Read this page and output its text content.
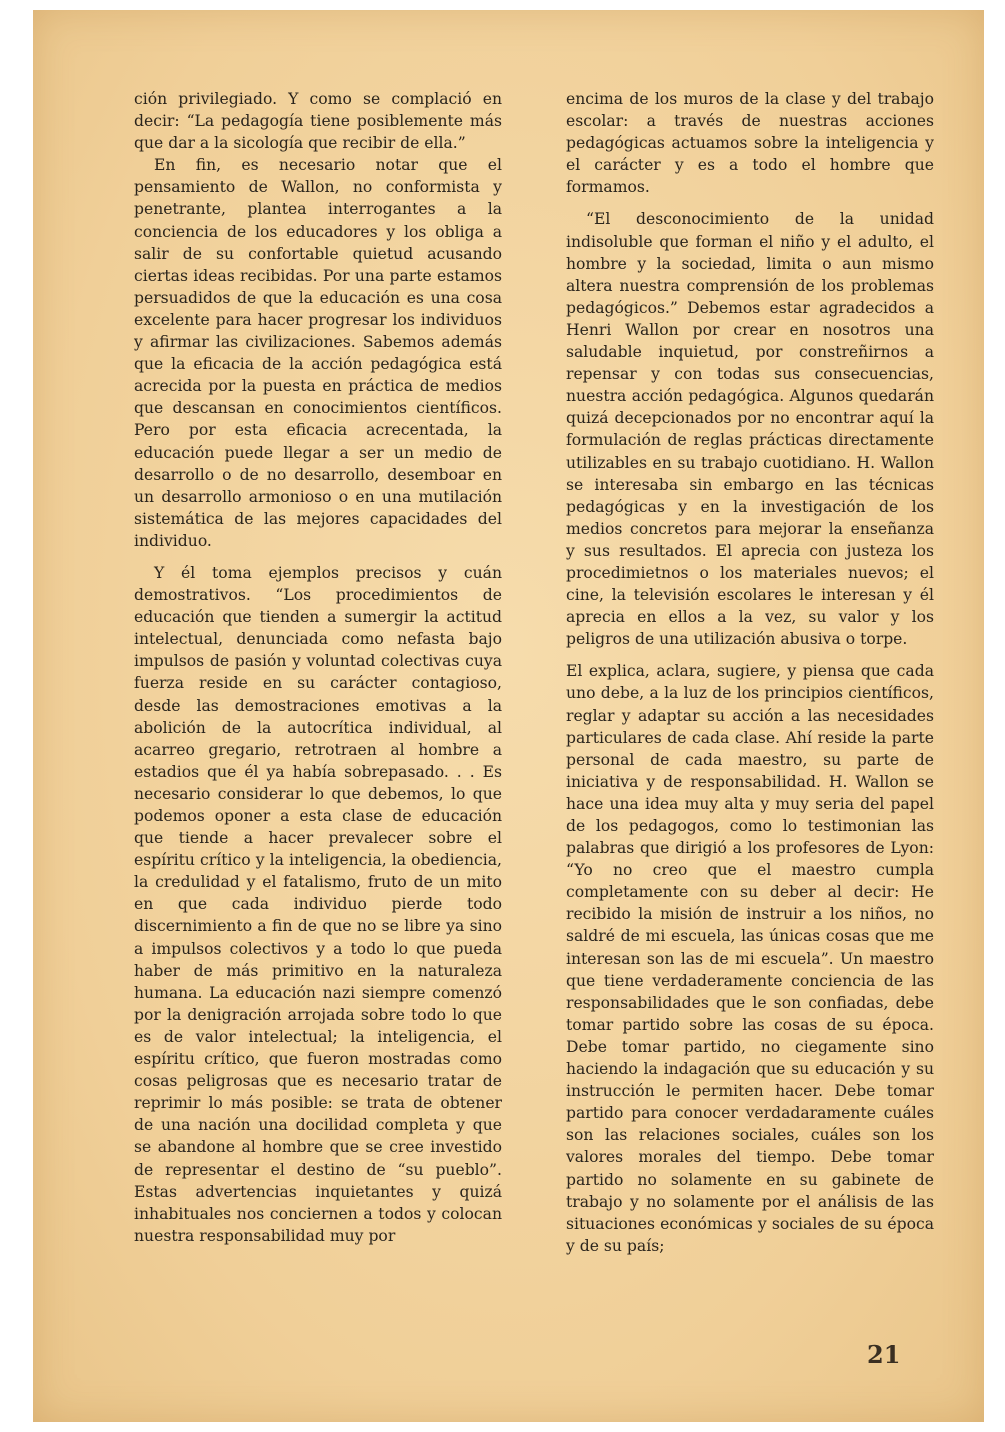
ción privilegiado. Y como se complació en decir: “La pedagogía tiene posiblemente más que dar a la sicología que recibir de ella.”

En fin, es necesario notar que el pensamiento de Wallon, no conformista y penetrante, plantea interrogantes a la conciencia de los educadores y los obliga a salir de su confortable quietud acusando ciertas ideas recibidas. Por una parte estamos persuadidos de que la educación es una cosa excelente para hacer progresar los individuos y afirmar las civilizaciones. Sabemos además que la eficacia de la acción pedagógica está acrecida por la puesta en práctica de medios que descansan en conocimientos científicos. Pero por esta eficacia acrecentada, la educación puede llegar a ser un medio de desarrollo o de no desarrollo, desemboar en un desarrollo armonioso o en una mutilación sistemática de las mejores capacidades del individuo.

Y él toma ejemplos precisos y cuán demostrativos. “Los procedimientos de educación que tienden a sumergir la actitud intelectual, denunciada como nefasta bajo impulsos de pasión y voluntad colectivas cuya fuerza reside en su carácter contagioso, desde las demostraciones emotivas a la abolición de la autocrítica individual, al acarreo gregario, retrotraen al hombre a estadios que él ya había sobrepasado. . . Es necesario considerar lo que debemos, lo que podemos oponer a esta clase de educación que tiende a hacer prevalecer sobre el espíritu crítico y la inteligencia, la obediencia, la credulidad y el fatalismo, fruto de un mito en que cada individuo pierde todo discernimiento a fin de que no se libre ya sino a impulsos colectivos y a todo lo que pueda haber de más primitivo en la naturaleza humana. La educación nazi siempre comenzó por la denigración arrojada sobre todo lo que es de valor intelectual; la inteligencia, el espíritu crítico, que fueron mostradas como cosas peligrosas que es necesario tratar de reprimir lo más posible: se trata de obtener de una nación una docilidad completa y que se abandone al hombre que se cree investido de representar el destino de “su pueblo”. Estas advertencias inquietantes y quizá inhabituales nos conciernen a todos y colocan nuestra responsabilidad muy por

encima de los muros de la clase y del trabajo escolar: a través de nuestras acciones pedagógicas actuamos sobre la inteligencia y el carácter y es a todo el hombre que formamos.

“El desconocimiento de la unidad indisoluble que forman el niño y el adulto, el hombre y la sociedad, limita o aun mismo altera nuestra comprensión de los problemas pedagógicos.” Debemos estar agradecidos a Henri Wallon por crear en nosotros una saludable inquietud, por constreñirnos a repensar y con todas sus consecuencias, nuestra acción pedagógica. Algunos quedarán quizá decepcionados por no encontrar aquí la formulación de reglas prácticas directamente utilizables en su trabajo cuotidiano. H. Wallon se interesaba sin embargo en las técnicas pedagógicas y en la investigación de los medios concretos para mejorar la enseñanza y sus resultados. El aprecia con justeza los procedimietnos o los materiales nuevos; el cine, la televisión escolares le interesan y él aprecia en ellos a la vez, su valor y los peligros de una utilización abusiva o torpe.

El explica, aclara, sugiere, y piensa que cada uno debe, a la luz de los principios científicos, reglar y adaptar su acción a las necesidades particulares de cada clase. Ahí reside la parte personal de cada maestro, su parte de iniciativa y de responsabilidad. H. Wallon se hace una idea muy alta y muy seria del papel de los pedagogos, como lo testimonian las palabras que dirigió a los profesores de Lyon: “Yo no creo que el maestro cumpla completamente con su deber al decir: He recibido la misión de instruir a los niños, no saldré de mi escuela, las únicas cosas que me interesan son las de mi escuela”. Un maestro que tiene verdaderamente conciencia de las responsabilidades que le son confiadas, debe tomar partido sobre las cosas de su época. Debe tomar partido, no ciegamente sino haciendo la indagación que su educación y su instrucción le permiten hacer. Debe tomar partido para conocer verdadaramente cuáles son las relaciones sociales, cuáles son los valores morales del tiempo. Debe tomar partido no solamente en su gabinete de trabajo y no solamente por el análisis de las situaciones económicas y sociales de su época y de su país;

21
